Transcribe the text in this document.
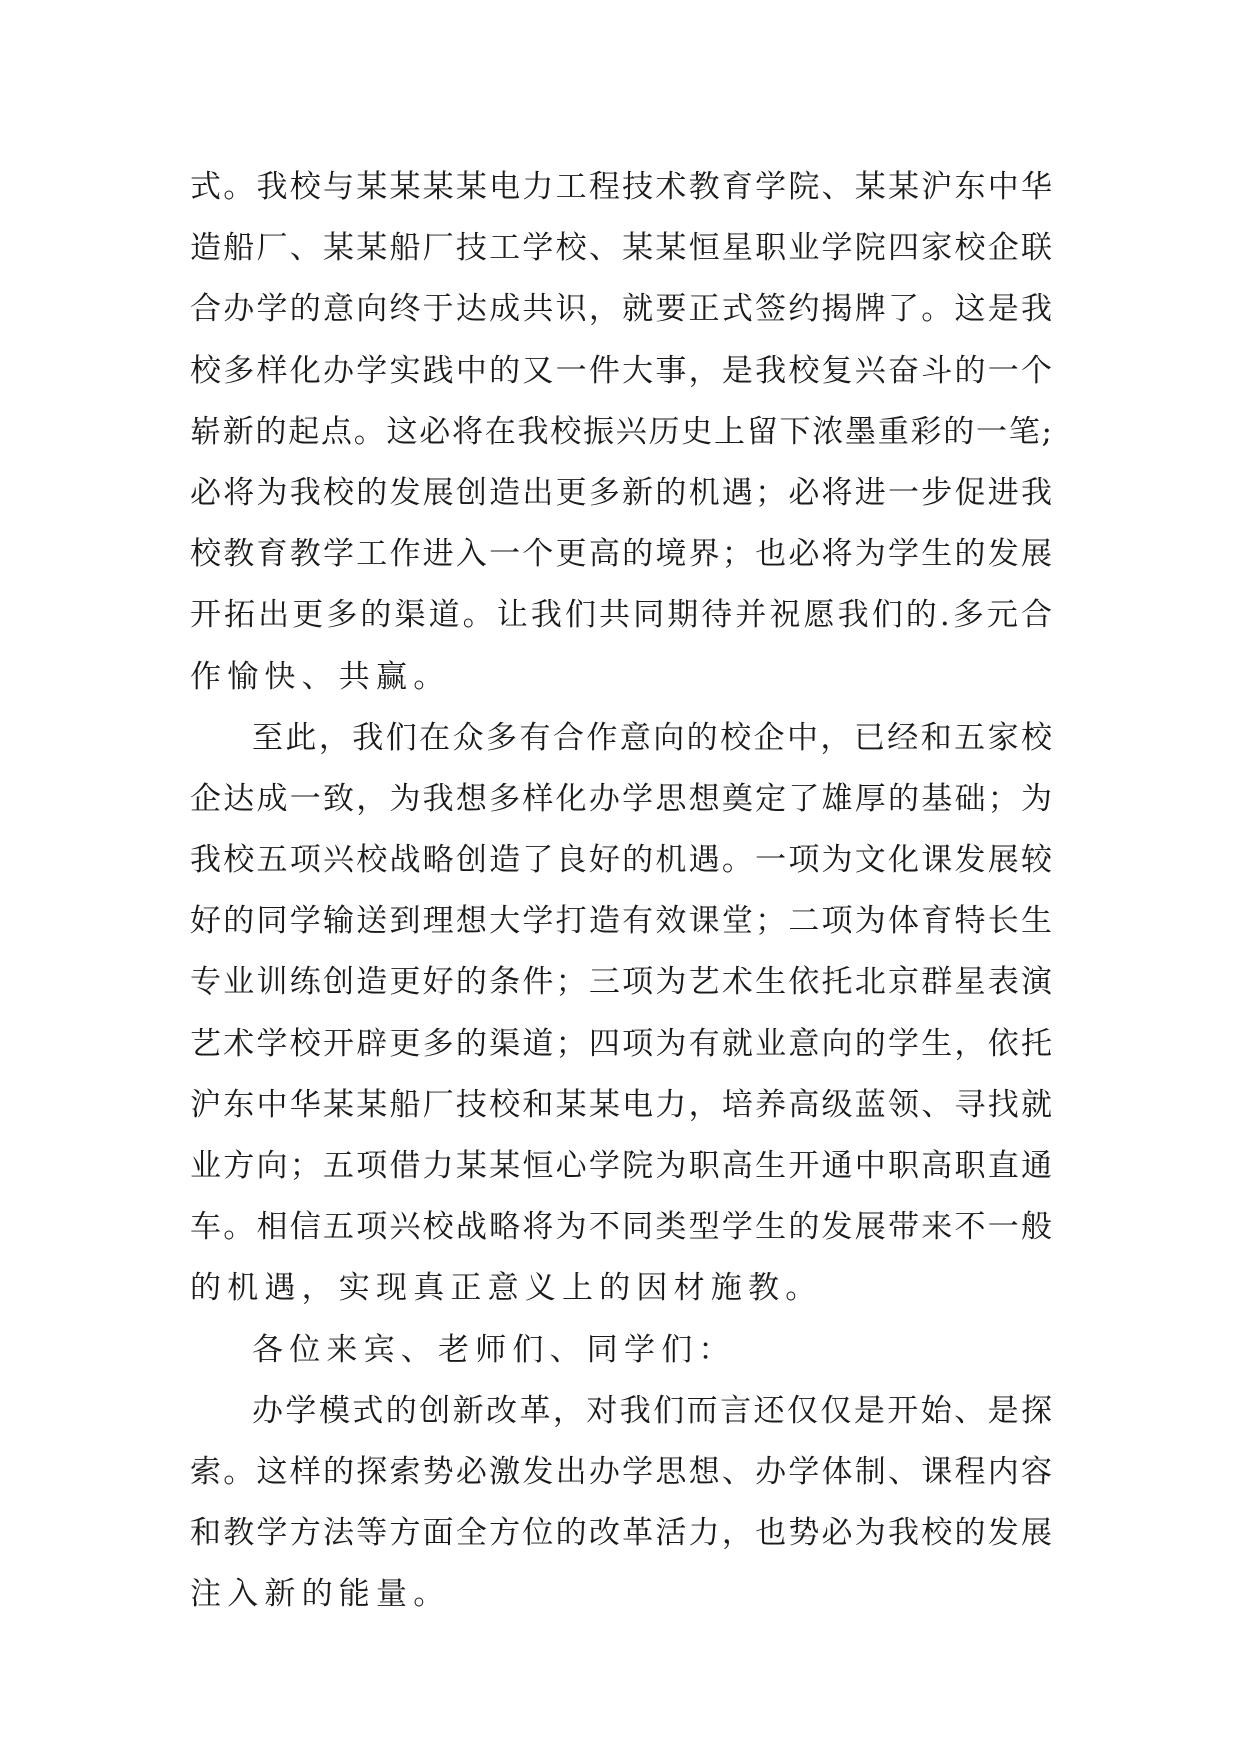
式。我校与某某某某电力工程技术教育学院、某某沪东中华
造船厂、某某船厂技工学校、某某恒星职业学院四家校企联
合办学的意向终于达成共识，就要正式签约揭牌了。这是我
校多样化办学实践中的又一件大事，是我校复兴奋斗的一个
崭新的起点。这必将在我校振兴历史上留下浓墨重彩的一笔;
必将为我校的发展创造出更多新的机遇；必将进一步促进我
校教育教学工作进入一个更高的境界；也必将为学生的发展
开拓出更多的渠道。让我们共同期待并祝愿我们的.多元合
作愉快、共赢。
至此，我们在众多有合作意向的校企中，已经和五家校
企达成一致，为我想多样化办学思想奠定了雄厚的基础；为
我校五项兴校战略创造了良好的机遇。一项为文化课发展较
好的同学输送到理想大学打造有效课堂；二项为体育特长生
专业训练创造更好的条件；三项为艺术生依托北京群星表演
艺术学校开辟更多的渠道；四项为有就业意向的学生，依托
沪东中华某某船厂技校和某某电力，培养高级蓝领、寻找就
业方向；五项借力某某恒心学院为职高生开通中职高职直通
车。相信五项兴校战略将为不同类型学生的发展带来不一般
的机遇，实现真正意义上的因材施教。
各位来宾、老师们、同学们：
办学模式的创新改革，对我们而言还仅仅是开始、是探
索。这样的探索势必激发出办学思想、办学体制、课程内容
和教学方法等方面全方位的改革活力，也势必为我校的发展
注入新的能量。
